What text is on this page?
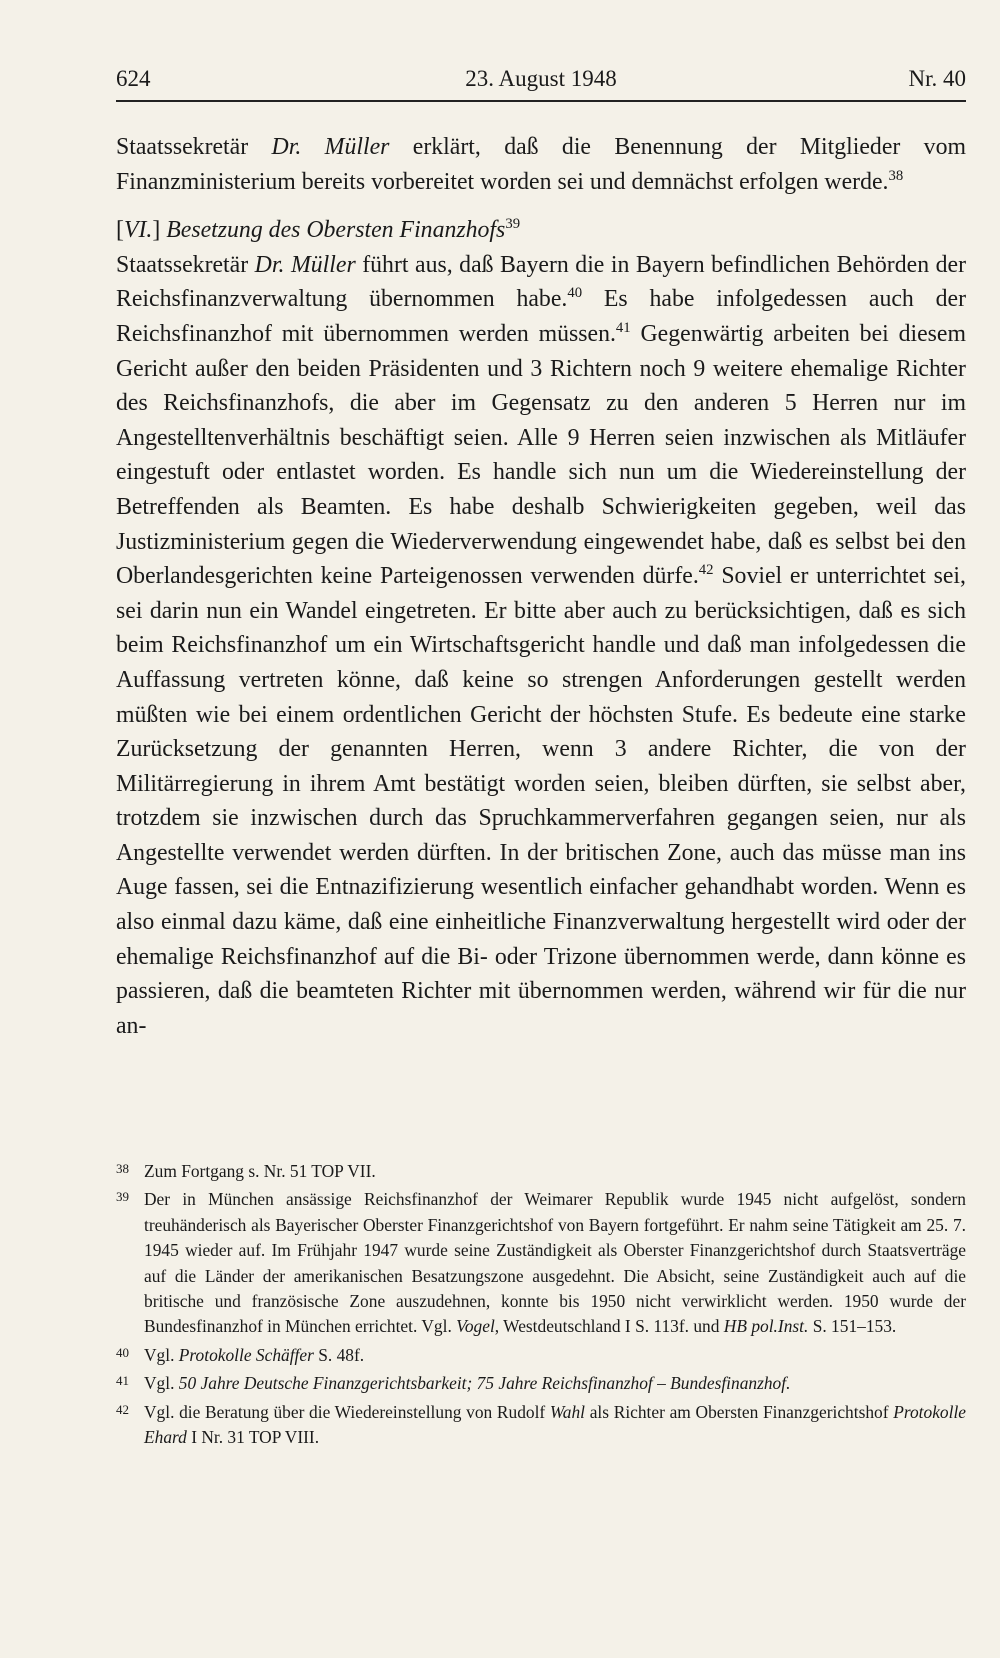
23. August 1948
624	Nr. 40

Staatssekretär Dr. Müller erklärt, daß die Benennung der Mitglieder vom Finanzministerium bereits vorbereitet worden sei und demnächst erfolgen werde.$^{38}$

[VI.] Besetzung des Obersten Finanzhofs$^{39}$

Staatssekretär Dr. Müller führt aus, daß Bayern die in Bayern befindlichen Behörden der Reichsfinanzverwaltung übernommen habe.$^{40}$ Es habe infolgedessen auch der Reichsfinanzhof mit übernommen werden müssen.$^{41}$ Gegenwärtig arbeiten bei diesem Gericht außer den beiden Präsidenten und 3 Richtern noch 9 weitere ehemalige Richter des Reichsfinanzhofs, die aber im Gegensatz zu den anderen 5 Herren nur im Angestelltenverhältnis beschäftigt seien. Alle 9 Herren seien inzwischen als Mitläufer eingestuft oder entlastet worden. Es handle sich nun um die Wiedereinstellung der Betreffenden als Beamten. Es habe deshalb Schwierigkeiten gegeben, weil das Justizministerium gegen die Wiederverwendung eingewendet habe, daß es selbst bei den Oberlandesgerichten keine Parteigenossen verwenden dürfe.$^{42}$ Soviel er unterrichtet sei, sei darin nun ein Wandel eingetreten. Er bitte aber auch zu berücksichtigen, daß es sich beim Reichsfinanzhof um ein Wirtschaftsgericht handle und daß man infolgedessen die Auffassung vertreten könne, daß keine so strengen Anforderungen gestellt werden müßten wie bei einem ordentlichen Gericht der höchsten Stufe. Es bedeute eine starke Zurücksetzung der genannten Herren, wenn 3 andere Richter, die von der Militärregierung in ihrem Amt bestätigt worden seien, bleiben dürften, sie selbst aber, trotzdem sie inzwischen durch das Spruchkammerverfahren gegangen seien, nur als Angestellte verwendet werden dürften. In der britischen Zone, auch das müsse man ins Auge fassen, sei die Entnazifizierung wesentlich einfacher gehandhabt worden. Wenn es also einmal dazu käme, daß eine einheitliche Finanzverwaltung hergestellt wird oder der ehemalige Reichsfinanzhof auf die Bi- oder Trizone übernommen werde, dann könne es passieren, daß die beamteten Richter mit übernommen werden, während wir für die nur an-

38 Zum Fortgang s. Nr. 51 TOP VII.
39 Der in München ansässige Reichsfinanzhof der Weimarer Republik wurde 1945 nicht aufgelöst, sondern treuhänderisch als Bayerischer Oberster Finanzgerichtshof von Bayern fortgeführt. Er nahm seine Tätigkeit am 25. 7. 1945 wieder auf. Im Frühjahr 1947 wurde seine Zuständigkeit als Oberster Finanzgerichtshof durch Staatsverträge auf die Länder der amerikanischen Besatzungszone ausgedehnt. Die Absicht, seine Zuständigkeit auch auf die britische und französische Zone auszudehnen, konnte bis 1950 nicht verwirklicht werden. 1950 wurde der Bundesfinanzhof in München errichtet. Vgl. Vogel, Westdeutschland I S. 113f. und HB pol.Inst. S. 151–153.
40 Vgl. Protokolle Schäffer S. 48f.
41 Vgl. 50 Jahre Deutsche Finanzgerichtsbarkeit; 75 Jahre Reichsfinanzhof – Bundesfinanzhof.
42 Vgl. die Beratung über die Wiedereinstellung von Rudolf Wahl als Richter am Obersten Finanzgerichtshof Protokolle Ehard I Nr. 31 TOP VIII.
